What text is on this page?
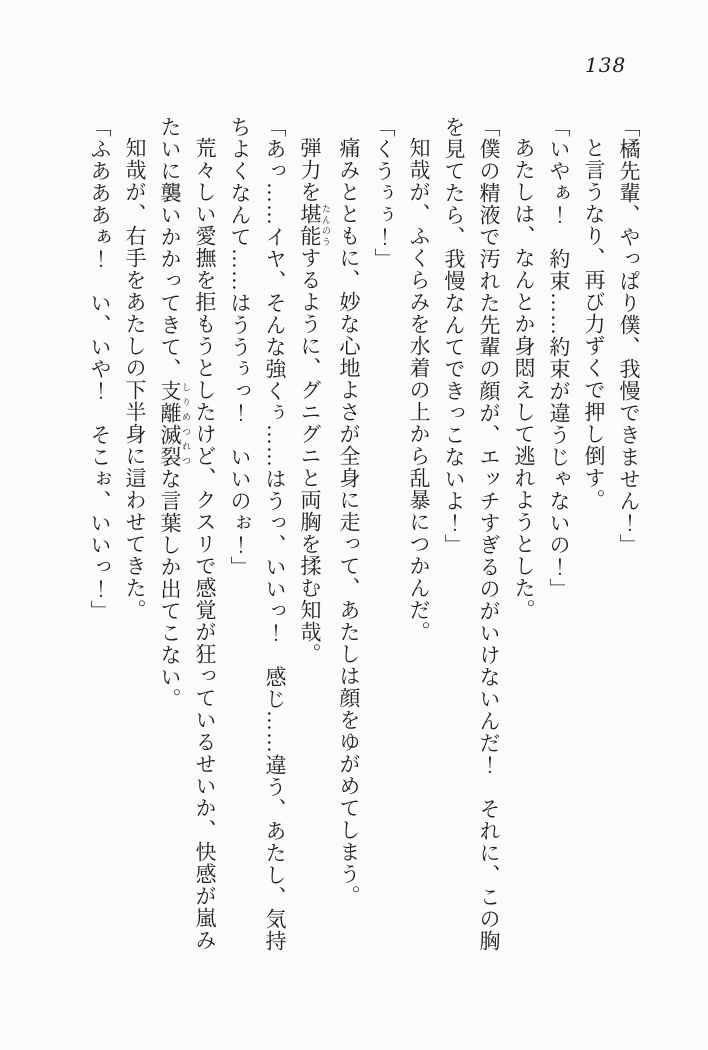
138

「橘先輩、やっぱり僕、我慢できません！」

と言うなり、再び力ずくで押し倒す。

「いやぁ！　約束……約束が違うじゃないの！」

あたしは、なんとか身悶えして逃れようとした。

「僕の精液で汚れた先輩の顔が、エッチすぎるのがいけないんだ！　それに、この胸を見てたら、我慢なんてできっこないよ！」

知哉が、ふくらみを水着の上から乱暴につかんだ。

「くうぅぅ！」

痛みとともに、妙な心地よさが全身に走って、あたしは顔をゆがめてしまう。

弾力を堪能 たんのうするように、グニグニと両胸を揉む知哉。

「あっ……イヤ、そんな強くぅ……はうっ、いいっ！　感じ……違う、あたし、気持ちよくなんて……はううぅっ！　いいのぉ！」

荒々しい愛撫を拒もうとしたけど、クスリで感覚が狂っているせいか、快感が嵐みたいに襲いかかってきて、支離滅裂 しりめつれつな言葉しか出てこない。

知哉が、右手をあたしの下半身に這わせてきた。

「ふあああぁ！　い、いや！　そこぉ、いいっ！」
